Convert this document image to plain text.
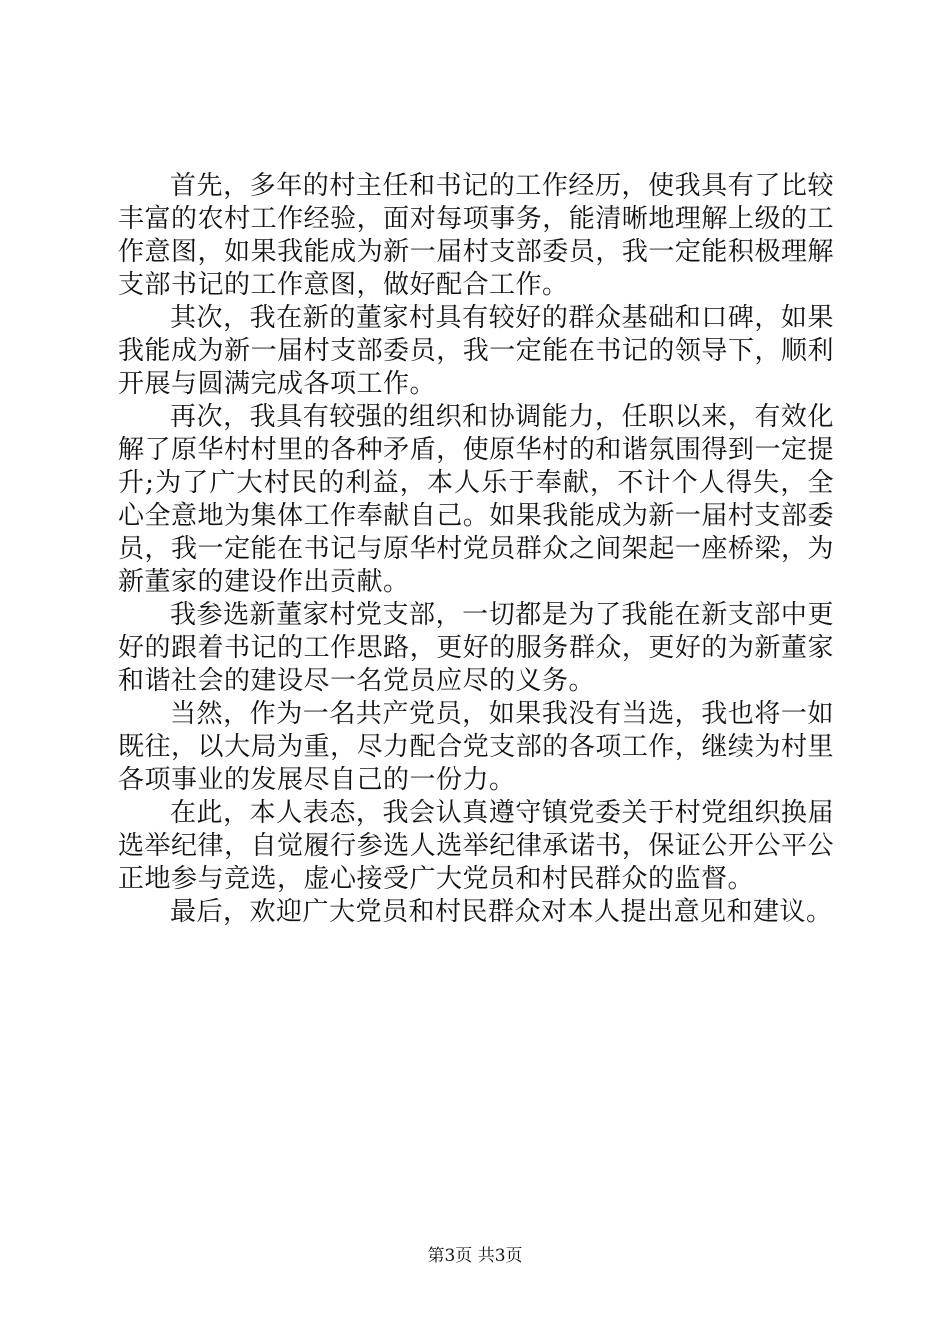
首先，多年的村主任和书记的工作经历，使我具有了比较丰富的农村工作经验，面对每项事务，能清晰地理解上级的工作意图，如果我能成为新一届村支部委员，我一定能积极理解支部书记的工作意图，做好配合工作。

其次，我在新的董家村具有较好的群众基础和口碑，如果我能成为新一届村支部委员，我一定能在书记的领导下，顺利开展与圆满完成各项工作。

再次，我具有较强的组织和协调能力，任职以来，有效化解了原华村村里的各种矛盾，使原华村的和谐氛围得到一定提升;为了广大村民的利益，本人乐于奉献，不计个人得失，全心全意地为集体工作奉献自己。如果我能成为新一届村支部委员，我一定能在书记与原华村党员群众之间架起一座桥梁，为新董家的建设作出贡献。

我参选新董家村党支部，一切都是为了我能在新支部中更好的跟着书记的工作思路，更好的服务群众，更好的为新董家和谐社会的建设尽一名党员应尽的义务。

当然，作为一名共产党员，如果我没有当选，我也将一如既往，以大局为重，尽力配合党支部的各项工作，继续为村里各项事业的发展尽自己的一份力。

在此，本人表态，我会认真遵守镇党委关于村党组织换届选举纪律，自觉履行参选人选举纪律承诺书，保证公开公平公正地参与竞选，虚心接受广大党员和村民群众的监督。

最后，欢迎广大党员和村民群众对本人提出意见和建议。

第3页 共3页
